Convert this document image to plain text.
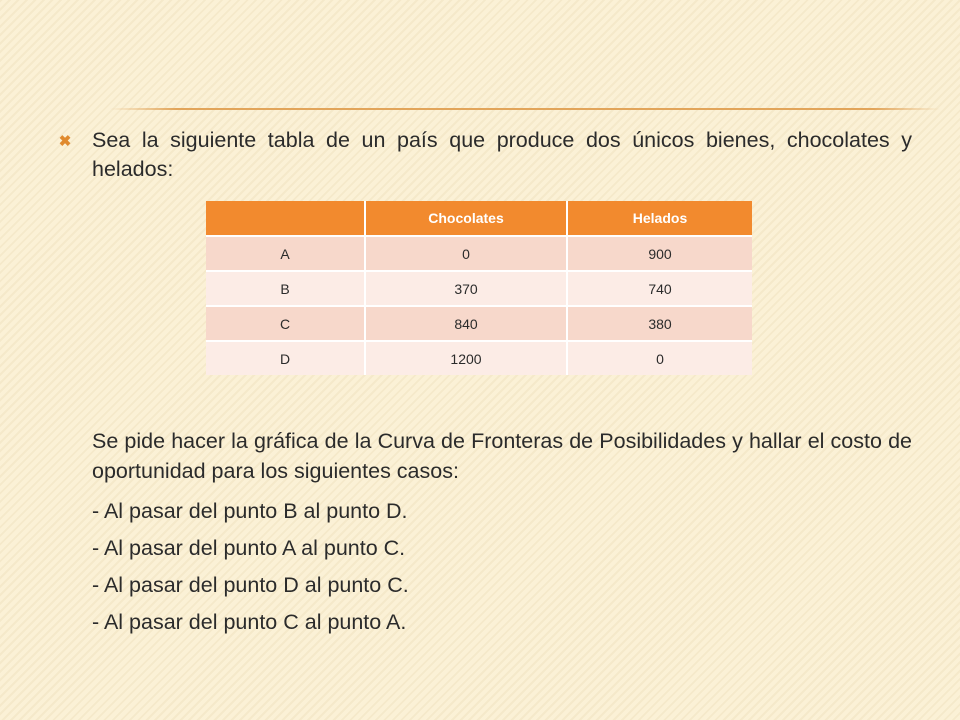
✖ Sea la siguiente tabla de un país que produce dos únicos bienes, chocolates y helados:
	Chocolates	Helados
A	0	900
B	370	740
C	840	380
D	1200	0
Se pide hacer la gráfica de la Curva de Fronteras de Posibilidades y hallar el costo de oportunidad para los siguientes casos:
- Al pasar del punto B al punto D.
- Al pasar del punto A al punto C.
- Al pasar del punto D al punto C.
- Al pasar del punto C al punto A.
